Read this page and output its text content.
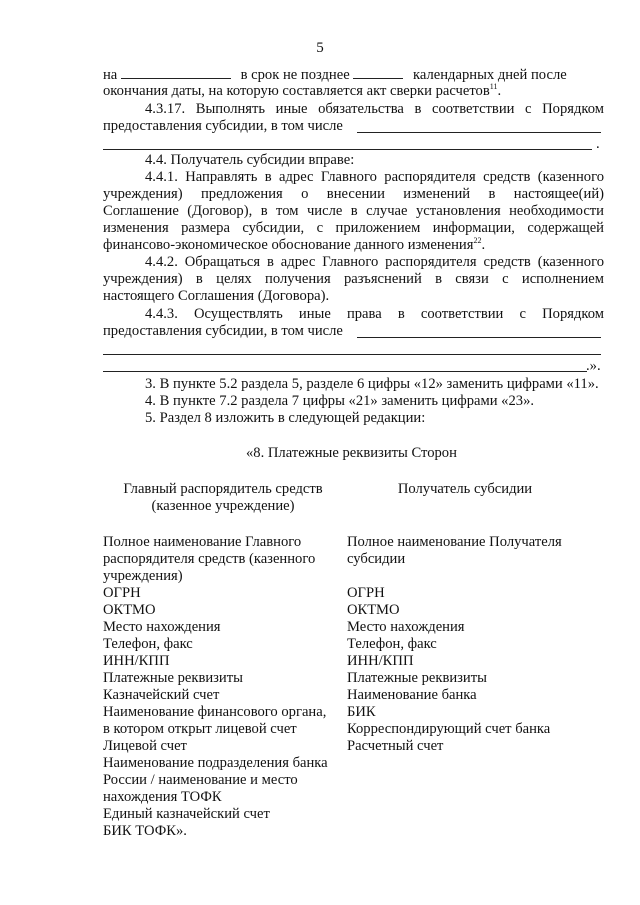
5
на	в срок не позднее	календарных дней после
окончания даты, на которую составляется акт сверки расчетов$^{11}$.
4.3.17. Выполнять иные обязательства в соответствии с Порядком
предоставления субсидии, в том числе
.
4.4. Получатель субсидии вправе:
4.4.1. Направлять в адрес Главного распорядителя средств (казенного
учреждения) предложения о внесении изменений в настоящее(ий)
Соглашение (Договор), в том числе в случае установления необходимости
изменения размера субсидии, с приложением информации, содержащей
финансово-экономическое обоснование данного изменения$^{22}$.
4.4.2. Обращаться в адрес Главного распорядителя средств (казенного
учреждения) в целях получения разъяснений в связи с исполнением
настоящего Соглашения (Договора).
4.4.3. Осуществлять иные права в соответствии с Порядком
предоставления субсидии, в том числе
.».
3. В пункте 5.2 раздела 5, разделе 6 цифры «12» заменить цифрами «11».
4. В пункте 7.2 раздела 7 цифры «21» заменить цифрами «23».
5. Раздел 8 изложить в следующей редакции:
«8. Платежные реквизиты Сторон
Главный распорядитель средств
(казенное учреждение)
Получатель субсидии
Полное наименование Главного
распорядителя средств (казенного
учреждения)
ОГРН
ОКТМО
Место нахождения
Телефон, факс
ИНН/КПП
Платежные реквизиты
Казначейский счет
Наименование финансового органа,
в котором открыт лицевой счет
Лицевой счет
Наименование подразделения банка
России / наименование и место
нахождения ТОФК
Единый казначейский счет
БИК ТОФК».
Полное наименование Получателя
субсидии
ОГРН
ОКТМО
Место нахождения
Телефон, факс
ИНН/КПП
Платежные реквизиты
Наименование банка
БИК
Корреспондирующий счет банка
Расчетный счет
